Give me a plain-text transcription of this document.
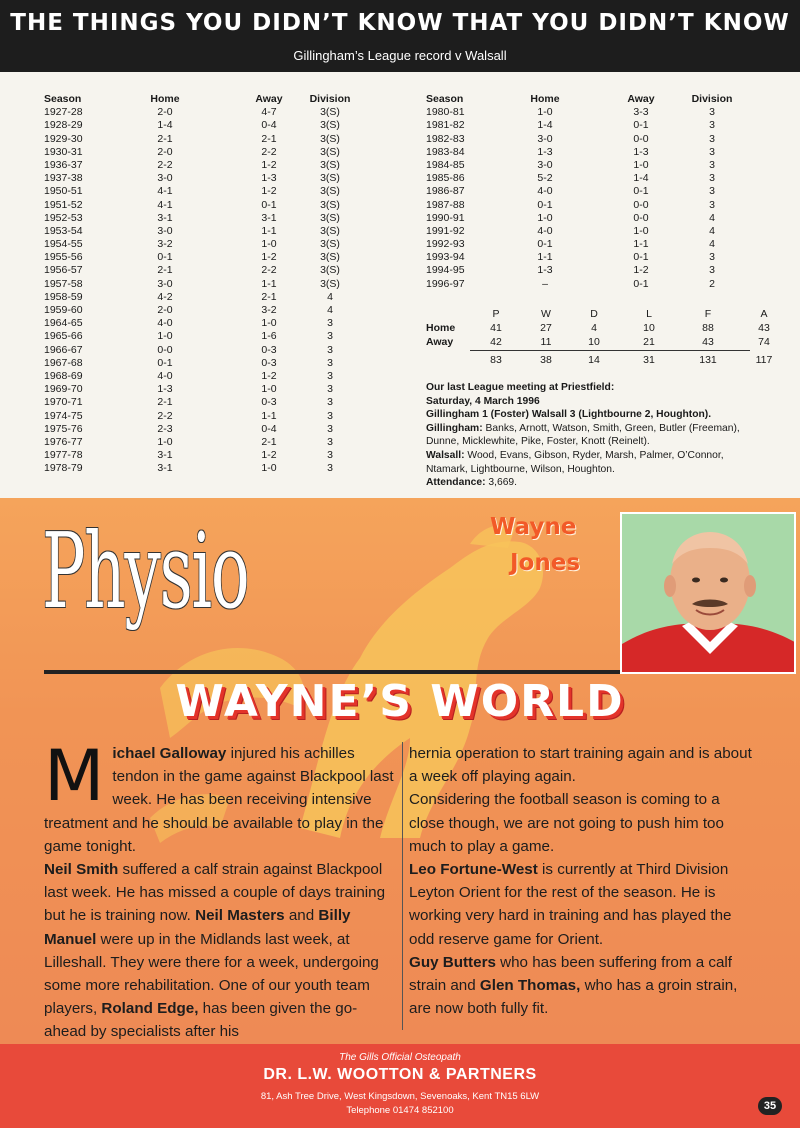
THE THINGS YOU DIDN’T KNOW THAT YOU DIDN’T KNOW
Gillingham’s League record v Walsall
Season	Home	Away	Division
1927-28	2-0	4-7	3(S)
1928-29	1-4	0-4	3(S)
1929-30	2-1	2-1	3(S)
1930-31	2-0	2-2	3(S)
1936-37	2-2	1-2	3(S)
1937-38	3-0	1-3	3(S)
1950-51	4-1	1-2	3(S)
1951-52	4-1	0-1	3(S)
1952-53	3-1	3-1	3(S)
1953-54	3-0	1-1	3(S)
1954-55	3-2	1-0	3(S)
1955-56	0-1	1-2	3(S)
1956-57	2-1	2-2	3(S)
1957-58	3-0	1-1	3(S)
1958-59	4-2	2-1	4
1959-60	2-0	3-2	4
1964-65	4-0	1-0	3
1965-66	1-0	1-6	3
1966-67	0-0	0-3	3
1967-68	0-1	0-3	3
1968-69	4-0	1-2	3
1969-70	1-3	1-0	3
1970-71	2-1	0-3	3
1974-75	2-2	1-1	3
1975-76	2-3	0-4	3
1976-77	1-0	2-1	3
1977-78	3-1	1-2	3
1978-79	3-1	1-0	3
Season	Home	Away	Division
1980-81	1-0	3-3	3
1981-82	1-4	0-1	3
1982-83	3-0	0-0	3
1983-84	1-3	1-3	3
1984-85	3-0	1-0	3
1985-86	5-2	1-4	3
1986-87	4-0	0-1	3
1987-88	0-1	0-0	3
1990-91	1-0	0-0	4
1991-92	4-0	1-0	4
1992-93	0-1	1-1	4
1993-94	1-1	0-1	3
1994-95	1-3	1-2	3
1996-97	–	0-1	2
P	W	D	L	F	A
Home	41	27	4	10	88	43
Away	42	11	10	21	43	74
83	38	14	31	131	117
Our last League meeting at Priestfield:
Saturday, 4 March 1996
Gillingham 1 (Foster) Walsall 3 (Lightbourne 2, Houghton).
Gillingham: Banks, Arnott, Watson, Smith, Green, Butler (Freeman), Dunne, Micklewhite, Pike, Foster, Knott (Reinelt).
Walsall: Wood, Evans, Gibson, Ryder, Marsh, Palmer, O’Connor, Ntamark, Lightbourne, Wilson, Houghton.
Attendance: 3,669.
Physio	Wayne
Jones
WAYNE’S WORLD
Michael Galloway injured his achilles tendon in the game against Blackpool last week. He has been receiving intensive treatment and he should be available to play in the game tonight.
Neil Smith suffered a calf strain against Blackpool last week. He has missed a couple of days training but he is training now. Neil Masters and Billy Manuel were up in the Midlands last week, at Lilleshall. They were there for a week, undergoing some more rehabilitation. One of our youth team players, Roland Edge, has been given the go-ahead by specialists after his
hernia operation to start training again and is about a week off playing again.
Considering the football season is coming to a close though, we are not going to push him too much to play a game.
Leo Fortune-West is currently at Third Division Leyton Orient for the rest of the season. He is working very hard in training and has played the odd reserve game for Orient.
Guy Butters who has been suffering from a calf strain and Glen Thomas, who has a groin strain, are now both fully fit.
The Gills Official Osteopath
DR. L.W. WOOTTON & PARTNERS
81, Ash Tree Drive, West Kingsdown, Sevenoaks, Kent TN15 6LW
Telephone 01474 852100	35
